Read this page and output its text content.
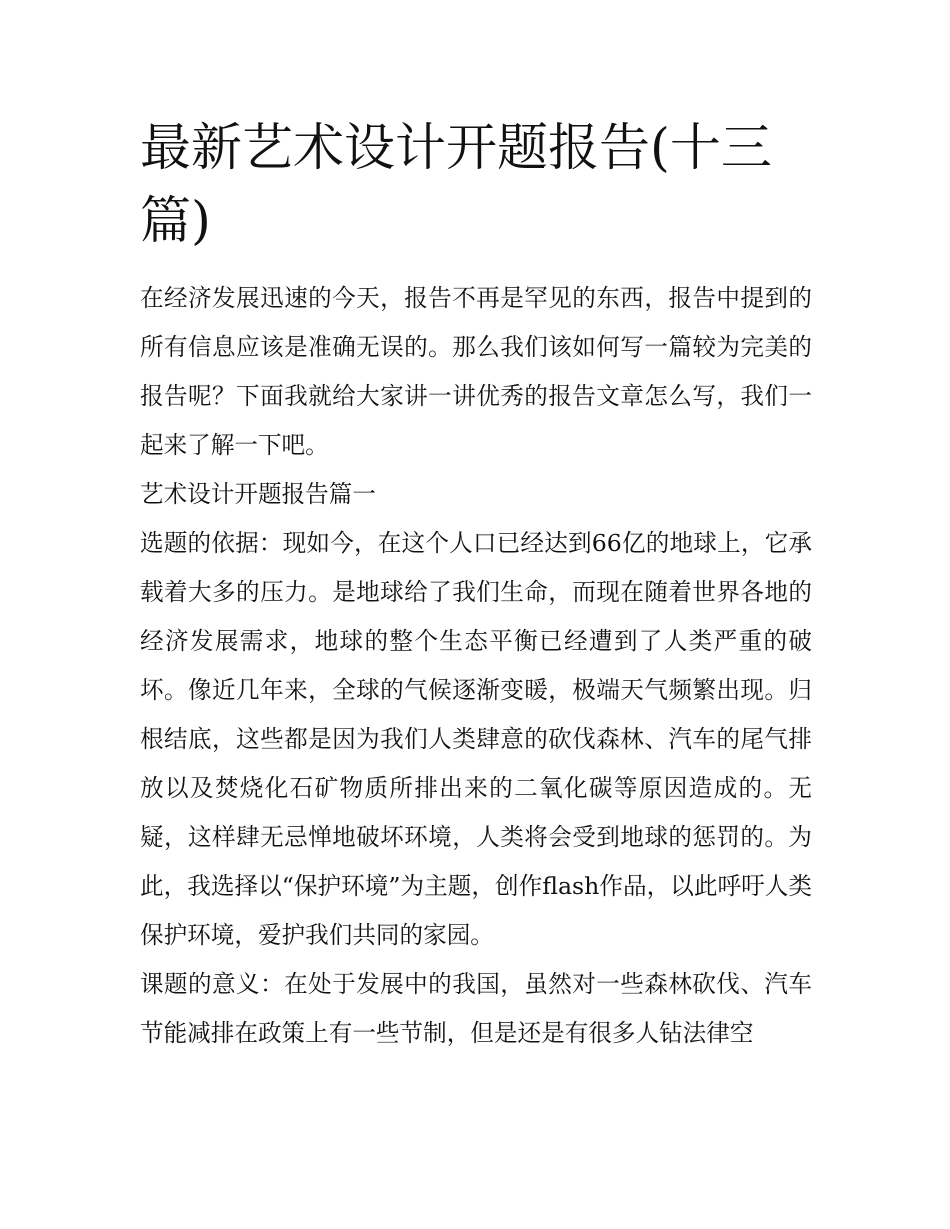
最新艺术设计开题报告(十三篇)

在经济发展迅速的今天，报告不再是罕见的东西，报告中提到的所有信息应该是准确无误的。那么我们该如何写一篇较为完美的报告呢？下面我就给大家讲一讲优秀的报告文章怎么写，我们一起来了解一下吧。

艺术设计开题报告篇一

选题的依据：现如今，在这个人口已经达到66亿的地球上，它承载着大多的压力。是地球给了我们生命，而现在随着世界各地的经济发展需求，地球的整个生态平衡已经遭到了人类严重的破坏。像近几年来，全球的气候逐渐变暖，极端天气频繁出现。归根结底，这些都是因为我们人类肆意的砍伐森林、汽车的尾气排放以及焚烧化石矿物质所排出来的二氧化碳等原因造成的。无疑，这样肆无忌惮地破坏环境，人类将会受到地球的惩罚的。为此，我选择以“保护环境”为主题，创作flash作品，以此呼吁人类保护环境，爱护我们共同的家园。

课题的意义：在处于发展中的我国，虽然对一些森林砍伐、汽车节能减排在政策上有一些节制，但是还是有很多人钻法律空
